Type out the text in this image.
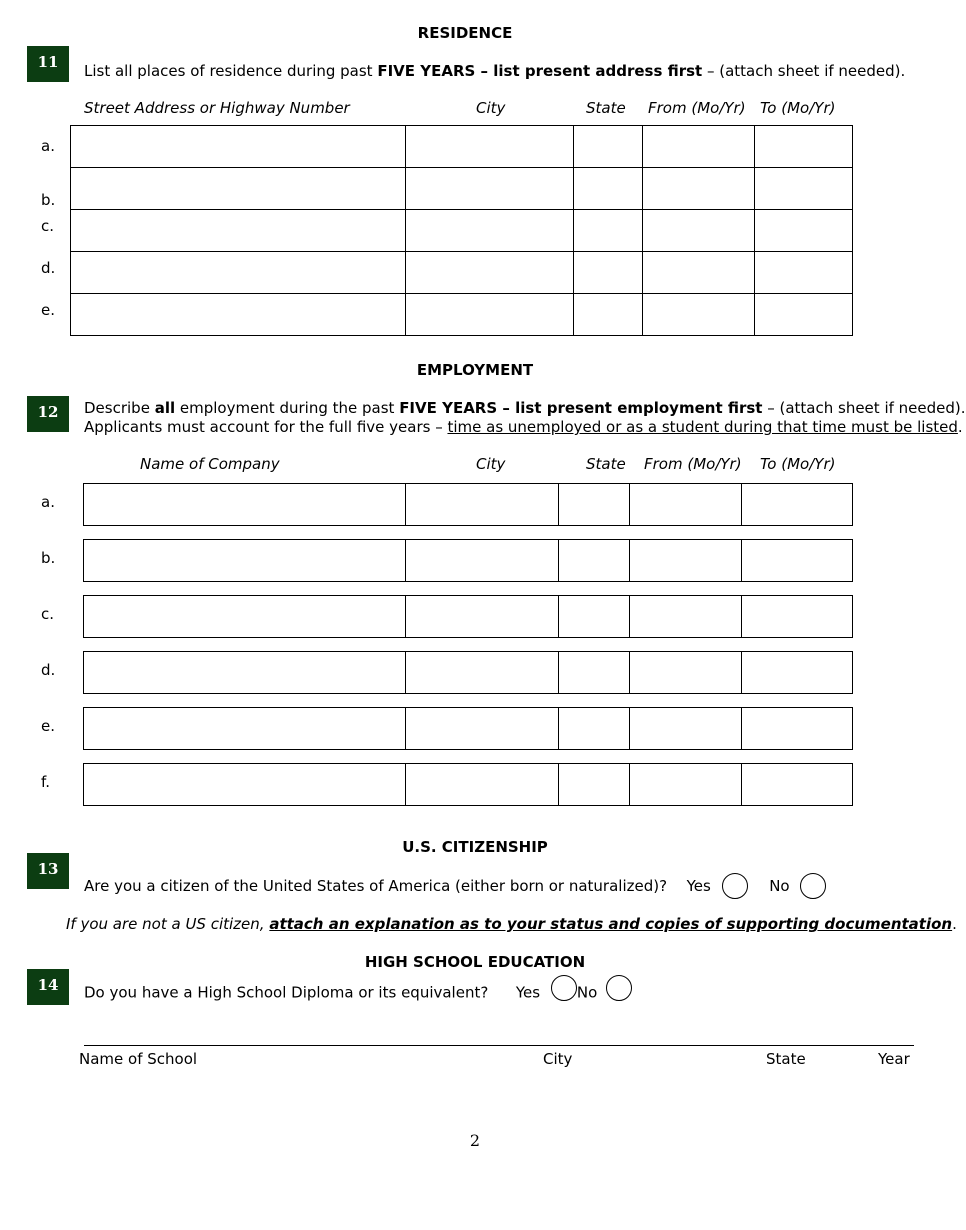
RESIDENCE
11	List all places of residence during past FIVE YEARS – list present address first – (attach sheet if needed).
Street Address or Highway Number	City	State From (Mo/Yr) To (Mo/Yr)
a.
b.
c.
d.
e.
EMPLOYMENT
12	Describe all employment during the past FIVE YEARS – list present employment first – (attach sheet if needed).
Applicants must account for the full five years – time as unemployed or as a student during that time must be listed.
Name of Company	City	State From (Mo/Yr) To (Mo/Yr)
a.
b.
c.
d.
e.
f.
U.S. CITIZENSHIP
13
Are you a citizen of the United States of America (either born or naturalized)? Yes	No
If you are not a US citizen, attach an explanation as to your status and copies of supporting documentation.
HIGH SCHOOL EDUCATION
14	Do you have a High School Diploma or its equivalent? Yes No
Name of School	City	State	Year
2
